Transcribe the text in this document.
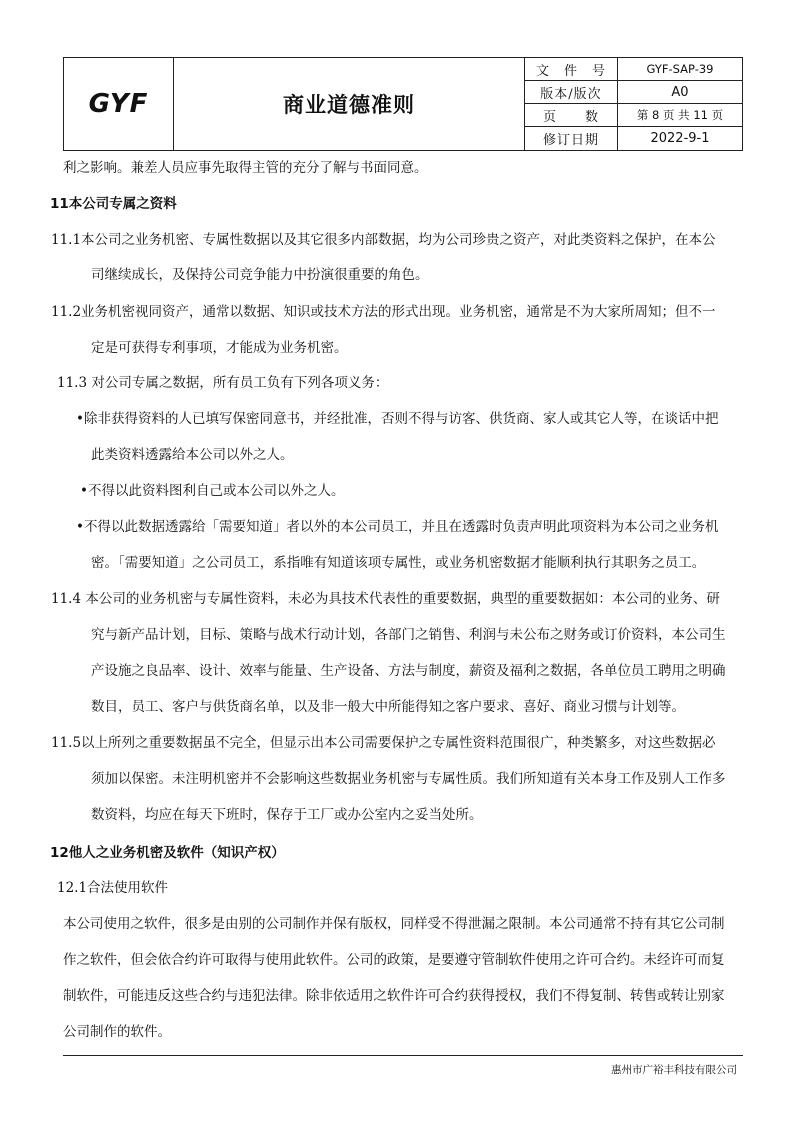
GYF	商业道德准则
文　件　号	GYF-SAP-39
版本/版次	A0
页　　数	第 8 页 共 11 页
修订日期	2022-9-1
利之影响。兼差人员应事先取得主管的充分了解与书面同意。
11本公司专属之资料
11.1本公司之业务机密、专属性数据以及其它很多内部数据，均为公司珍贵之资产，对此类资料之保护，在本公
司继续成长，及保持公司竞争能力中扮演很重要的角色。
11.2业务机密视同资产，通常以数据、知识或技术方法的形式出现。业务机密，通常是不为大家所周知；但不一
定是可获得专利事项，才能成为业务机密。
11.3 对公司专属之数据，所有员工负有下列各项义务：
•除非获得资料的人已填写保密同意书，并经批准，否则不得与访客、供货商、家人或其它人等，在谈话中把
此类资料透露给本公司以外之人。
•不得以此资料图利自己或本公司以外之人。
•不得以此数据透露给「需要知道」者以外的本公司员工，并且在透露时负责声明此项资料为本公司之业务机
密。「需要知道」之公司员工，系指唯有知道该项专属性，或业务机密数据才能顺利执行其职务之员工。
11.4 本公司的业务机密与专属性资料，未必为具技术代表性的重要数据，典型的重要数据如：本公司的业务、研
究与新产品计划，目标、策略与战术行动计划，各部门之销售、利润与未公布之财务或订价资料，本公司生
产设施之良品率、设计、效率与能量、生产设备、方法与制度，薪资及福利之数据，各单位员工聘用之明确
数目，员工、客户与供货商名单，以及非一般大中所能得知之客户要求、喜好、商业习惯与计划等。
11.5以上所列之重要数据虽不完全，但显示出本公司需要保护之专属性资料范围很广，种类繁多，对这些数据必
须加以保密。未注明机密并不会影响这些数据业务机密与专属性质。我们所知道有关本身工作及别人工作多
数资料，均应在每天下班时，保存于工厂或办公室内之妥当处所。
12他人之业务机密及软件（知识产权）
12.1合法使用软件
本公司使用之软件，很多是由别的公司制作并保有版权，同样受不得泄漏之限制。本公司通常不持有其它公司制
作之软件，但会依合约许可取得与使用此软件。公司的政策，是要遵守管制软件使用之许可合约。未经许可而复
制软件，可能违反这些合约与违犯法律。除非依适用之软件许可合约获得授权，我们不得复制、转售或转让别家
公司制作的软件。
惠州市广裕丰科技有限公司
